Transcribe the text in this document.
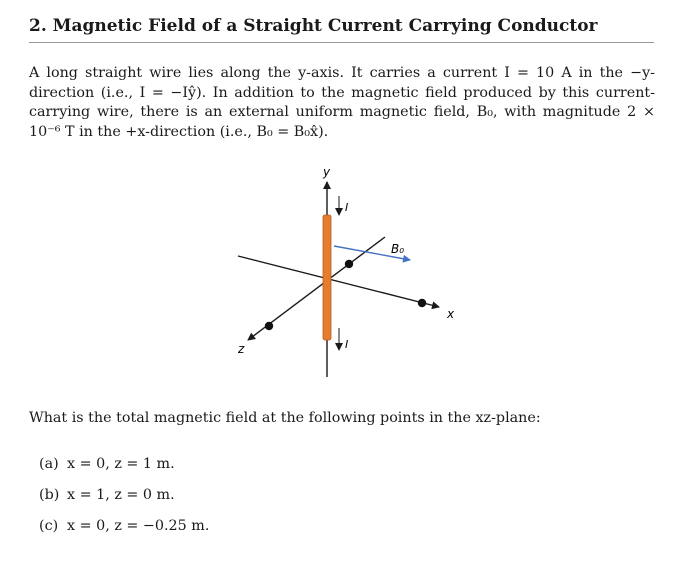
2. Magnetic Field of a Straight Current Carrying Conductor
A long straight wire lies along the y-axis. It carries a current I = 10 A in the −y-direction (i.e., I = −Iŷ). In addition to the magnetic field produced by this current-carrying wire, there is an external uniform magnetic field, B₀, with magnitude 2 × 10⁻⁶ T in the +x-direction (i.e., B₀ = B₀x̂).
x
z
y
I
I
B₀
What is the total magnetic field at the following points in the xz-plane:
(a) x = 0, z = 1 m.
(b) x = 1, z = 0 m.
(c) x = 0, z = −0.25 m.
